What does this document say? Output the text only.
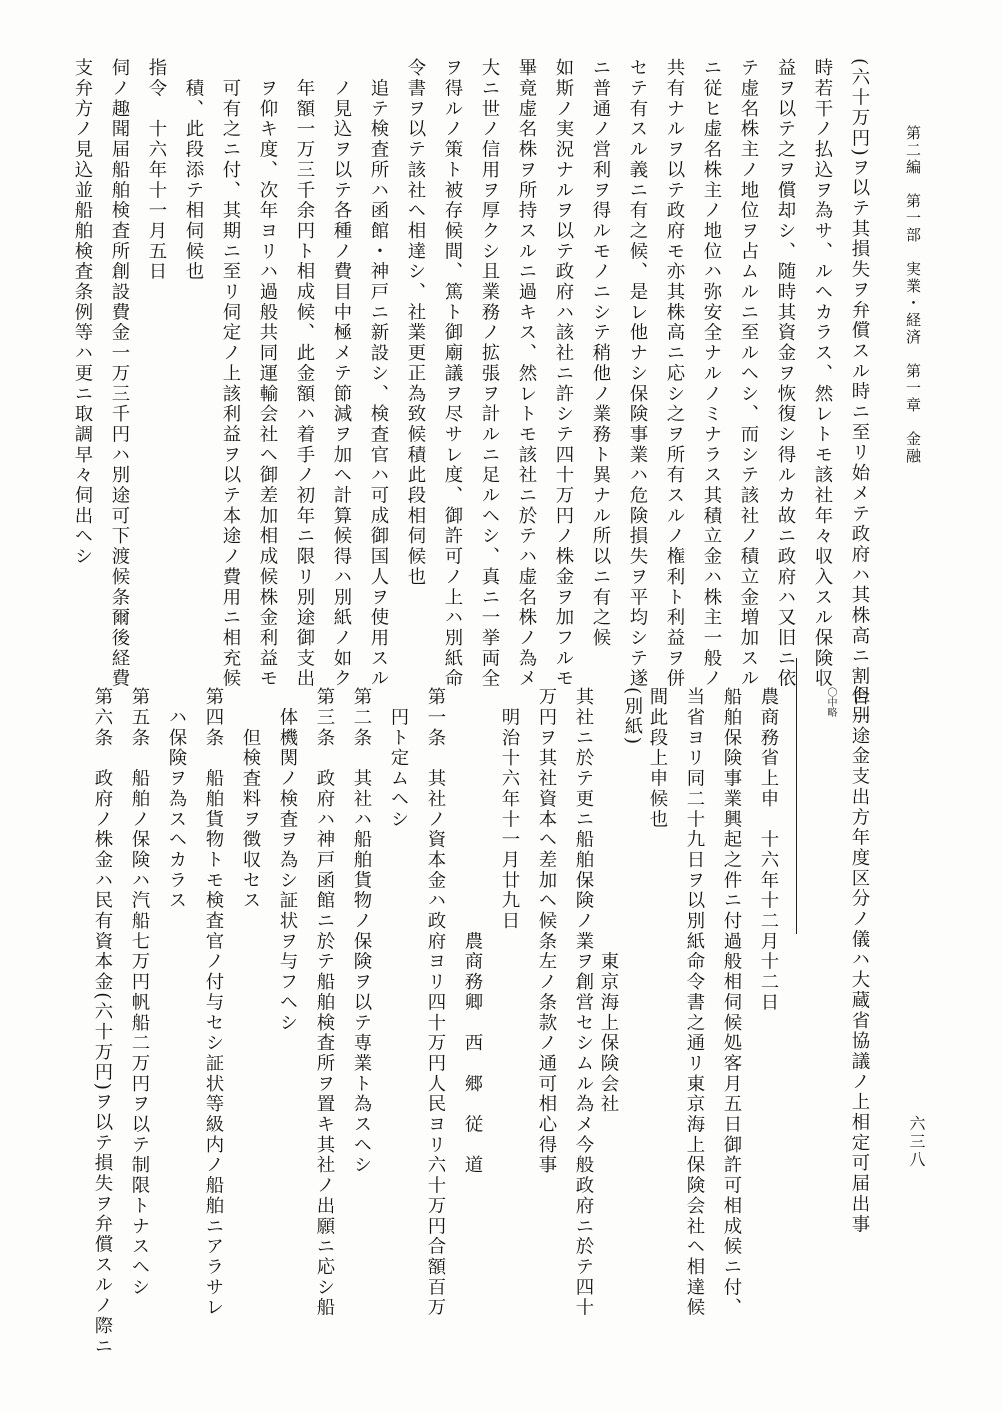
第二編　第一部　実業・経済　第一章　金融
六三八
(六十万円)ヲ以テ其損失ヲ弁償スル時ニ至リ始メテ政府ハ其株高ニ割合一
時若干ノ払込ヲ為サ、ルヘカラス、然レトモ該社年々収入スル保険収
益ヲ以テ之ヲ償却シ、随時其資金ヲ恢復シ得ルカ故ニ政府ハ又旧ニ依
テ虚名株主ノ地位ヲ占ムルニ至ルヘシ、而シテ該社ノ積立金増加スル
ニ従ヒ虚名株主ノ地位ハ弥安全ナルノミナラス其積立金ハ株主一般ノ
共有ナルヲ以テ政府モ亦其株高ニ応シ之ヲ所有スルノ権利ト利益ヲ併
セテ有スル義ニ有之候、是レ他ナシ保険事業ハ危険損失ヲ平均シテ遂
ニ普通ノ営利ヲ得ルモノニシテ稍他ノ業務ト異ナル所以ニ有之候
如斯ノ実況ナルヲ以テ政府ハ該社ニ許シテ四十万円ノ株金ヲ加フルモ
畢竟虚名株ヲ所持スルニ過キス、然レトモ該社ニ於テハ虚名株ノ為メ
大ニ世ノ信用ヲ厚クシ且業務ノ拡張ヲ計ルニ足ルヘシ、真ニ一挙両全
ヲ得ルノ策ト被存候間、篤ト御廟議ヲ尽サレ度、御許可ノ上ハ別紙命
令書ヲ以テ該社ヘ相達シ、社業更正為致候積此段相伺候也
　追テ検査所ハ函館・神戸ニ新設シ、検査官ハ可成御国人ヲ使用スル
　ノ見込ヲ以テ各種ノ費目中極メテ節減ヲ加ヘ計算候得ハ別紙ノ如ク
　年額一万三千余円ト相成候、此金額ハ着手ノ初年ニ限リ別途御支出
　ヲ仰キ度、次年ヨリハ過般共同運輸会社ヘ御差加相成候株金利益モ
　可有之ニ付、其期ニ至リ伺定ノ上該利益ヲ以テ本途ノ費用ニ相充候
　積、此段添テ相伺候也
指令　十六年十一月五日
伺ノ趣聞届船舶検査所創設費金一万三千円ハ別途可下渡候条爾後経費
支弁方ノ見込並船舶検査条例等ハ更ニ取調早々伺出ヘシ
但別途金支出方年度区分ノ儀ハ大蔵省協議ノ上相定可届出事
〇中略
農商務省上申　十六年十二月十二日
船舶保険事業興起之件ニ付過般相伺候処客月五日御許可相成候ニ付、
当省ヨリ同二十九日ヲ以別紙命令書之通リ東京海上保険会社ヘ相達候
間此段上申候也
(別紙)
　　　　　　　　　　　　　東京海上保険会社
其社ニ於テ更ニ船舶保険ノ業ヲ創営セシムル為メ今般政府ニ於テ四十
万円ヲ其社資本ヘ差加ヘ候条左ノ条款ノ通可相心得事
　明治十六年十一月廿九日
　　　　　　　　　　　　農商務卿　西　郷　従　道
第一条　其社ノ資本金ハ政府ヨリ四十万円人民ヨリ六十万円合額百万
　円ト定ムヘシ
第二条　其社ハ船舶貨物ノ保険ヲ以テ専業ト為スヘシ
第三条　政府ハ神戸函館ニ於テ船舶検査所ヲ置キ其社ノ出願ニ応シ船
　体機関ノ検査ヲ為シ証状ヲ与フヘシ
　　但検査料ヲ徴収セス
第四条　船舶貨物トモ検査官ノ付与セシ証状等級内ノ船舶ニアラサレ
　ハ保険ヲ為スヘカラス
第五条　船舶ノ保険ハ汽船七万円帆船二万円ヲ以テ制限トナスヘシ
第六条　政府ノ株金ハ民有資本金(六十万円)ヲ以テ損失ヲ弁償スルノ際ニ
